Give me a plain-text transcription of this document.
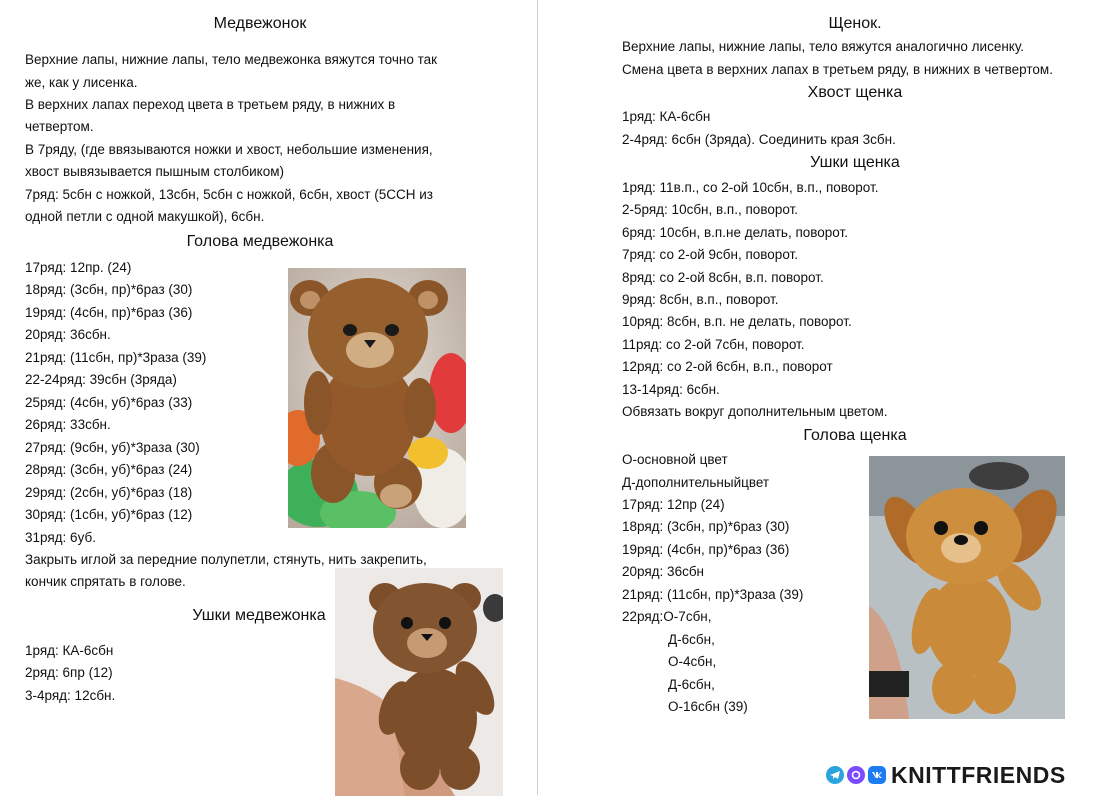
Медвежонок
Верхние лапы, нижние лапы, тело медвежонка вяжутся точно так
же, как у лисенка.
В верхних лапах переход цвета в третьем ряду, в нижних в
четвертом.
В 7ряду, (где ввязываются ножки и хвост, небольшие изменения,
хвост вывязывается пышным столбиком)
7ряд: 5сбн с ножкой, 13сбн, 5сбн с ножкой, 6сбн, хвост (5ССН из
одной петли с одной макушкой), 6сбн.
Голова медвежонка
17ряд: 12пр. (24)
18ряд: (3сбн, пр)*6раз (30)
19ряд: (4сбн, пр)*6раз (36)
20ряд: 36сбн.
21ряд: (11сбн, пр)*3раза (39)
22-24ряд: 39сбн (3ряда)
25ряд: (4сбн, уб)*6раз (33)
26ряд: 33сбн.
27ряд: (9сбн, уб)*3раза (30)
28ряд: (3сбн, уб)*6раз (24)
29ряд: (2сбн, уб)*6раз (18)
30ряд: (1сбн, уб)*6раз (12)
31ряд: 6уб.
Закрыть иглой за передние полупетли, стянуть, нить закрепить,
кончик спрятать в голове.
Ушки медвежонка
1ряд: КА-6сбн
2ряд: 6пр (12)
3-4ряд: 12сбн.
Щенок.
Верхние лапы, нижние лапы, тело вяжутся аналогично лисенку.
Смена цвета в верхних лапах в третьем ряду, в нижних в четвертом.
Хвост щенка
1ряд: КА-6сбн
2-4ряд: 6сбн (3ряда). Соединить края 3сбн.
Ушки щенка
1ряд: 11в.п., со 2-ой 10сбн, в.п., поворот.
2-5ряд: 10сбн, в.п., поворот.
6ряд: 10сбн, в.п.не делать, поворот.
7ряд: со 2-ой 9сбн, поворот.
8ряд: со 2-ой 8сбн, в.п. поворот.
9ряд: 8сбн, в.п., поворот.
10ряд: 8сбн, в.п. не делать, поворот.
11ряд: со 2-ой 7сбн, поворот.
12ряд: со 2-ой 6сбн, в.п., поворот
13-14ряд: 6сбн.
Обвязать вокруг дополнительным цветом.
Голова щенка
О-основной цвет
Д-дополнительныйцвет
17ряд: 12пр (24)
18ряд: (3сбн, пр)*6раз (30)
19ряд: (4сбн, пр)*6раз (36)
20ряд: 36сбн
21ряд: (11сбн, пр)*3раза (39)
22ряд:О-7сбн,
Д-6сбн,
О-4сбн,
Д-6сбн,
О-16сбн (39)
KNITTFRIENDS
